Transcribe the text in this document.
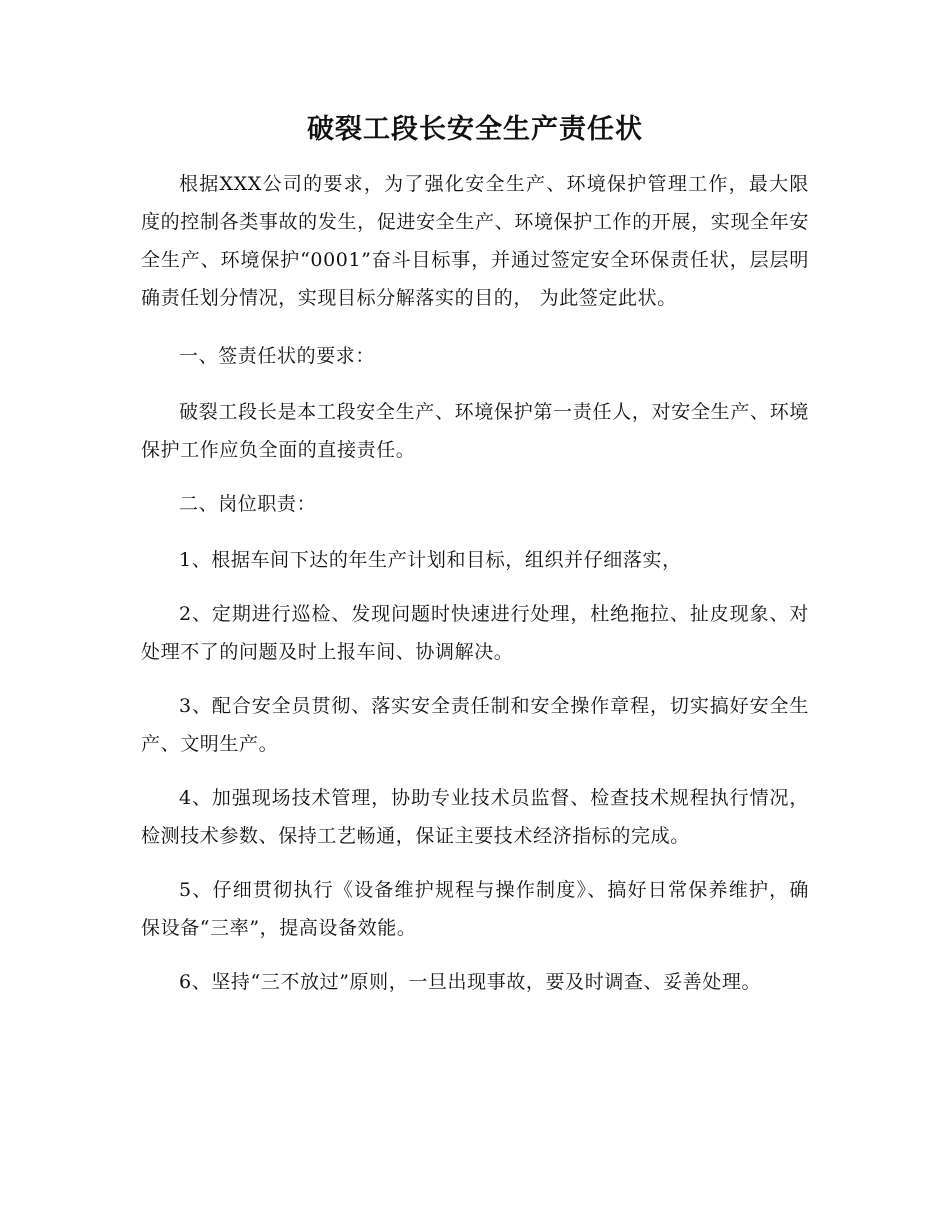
破裂工段长安全生产责任状

根据XXX公司的要求，为了强化安全生产、环境保护管理工作，最大限度的控制各类事故的发生，促进安全生产、环境保护工作的开展，实现全年安全生产、环境保护“0001”奋斗目标事，并通过签定安全环保责任状，层层明确责任划分情况，实现目标分解落实的目的， 为此签定此状。

一、签责任状的要求：

破裂工段长是本工段安全生产、环境保护第一责任人，对安全生产、环境保护工作应负全面的直接责任。

二、岗位职责：

1、根据车间下达的年生产计划和目标，组织并仔细落实，

2、定期进行巡检、发现问题时快速进行处理，杜绝拖拉、扯皮现象、对处理不了的问题及时上报车间、协调解决。

3、配合安全员贯彻、落实安全责任制和安全操作章程，切实搞好安全生产、文明生产。

4、加强现场技术管理，协助专业技术员监督、检查技术规程执行情况，检测技术参数、保持工艺畅通，保证主要技术经济指标的完成。

5、仔细贯彻执行《设备维护规程与操作制度》、搞好日常保养维护，确保设备“三率”，提高设备效能。

6、坚持“三不放过”原则，一旦出现事故，要及时调查、妥善处理。
